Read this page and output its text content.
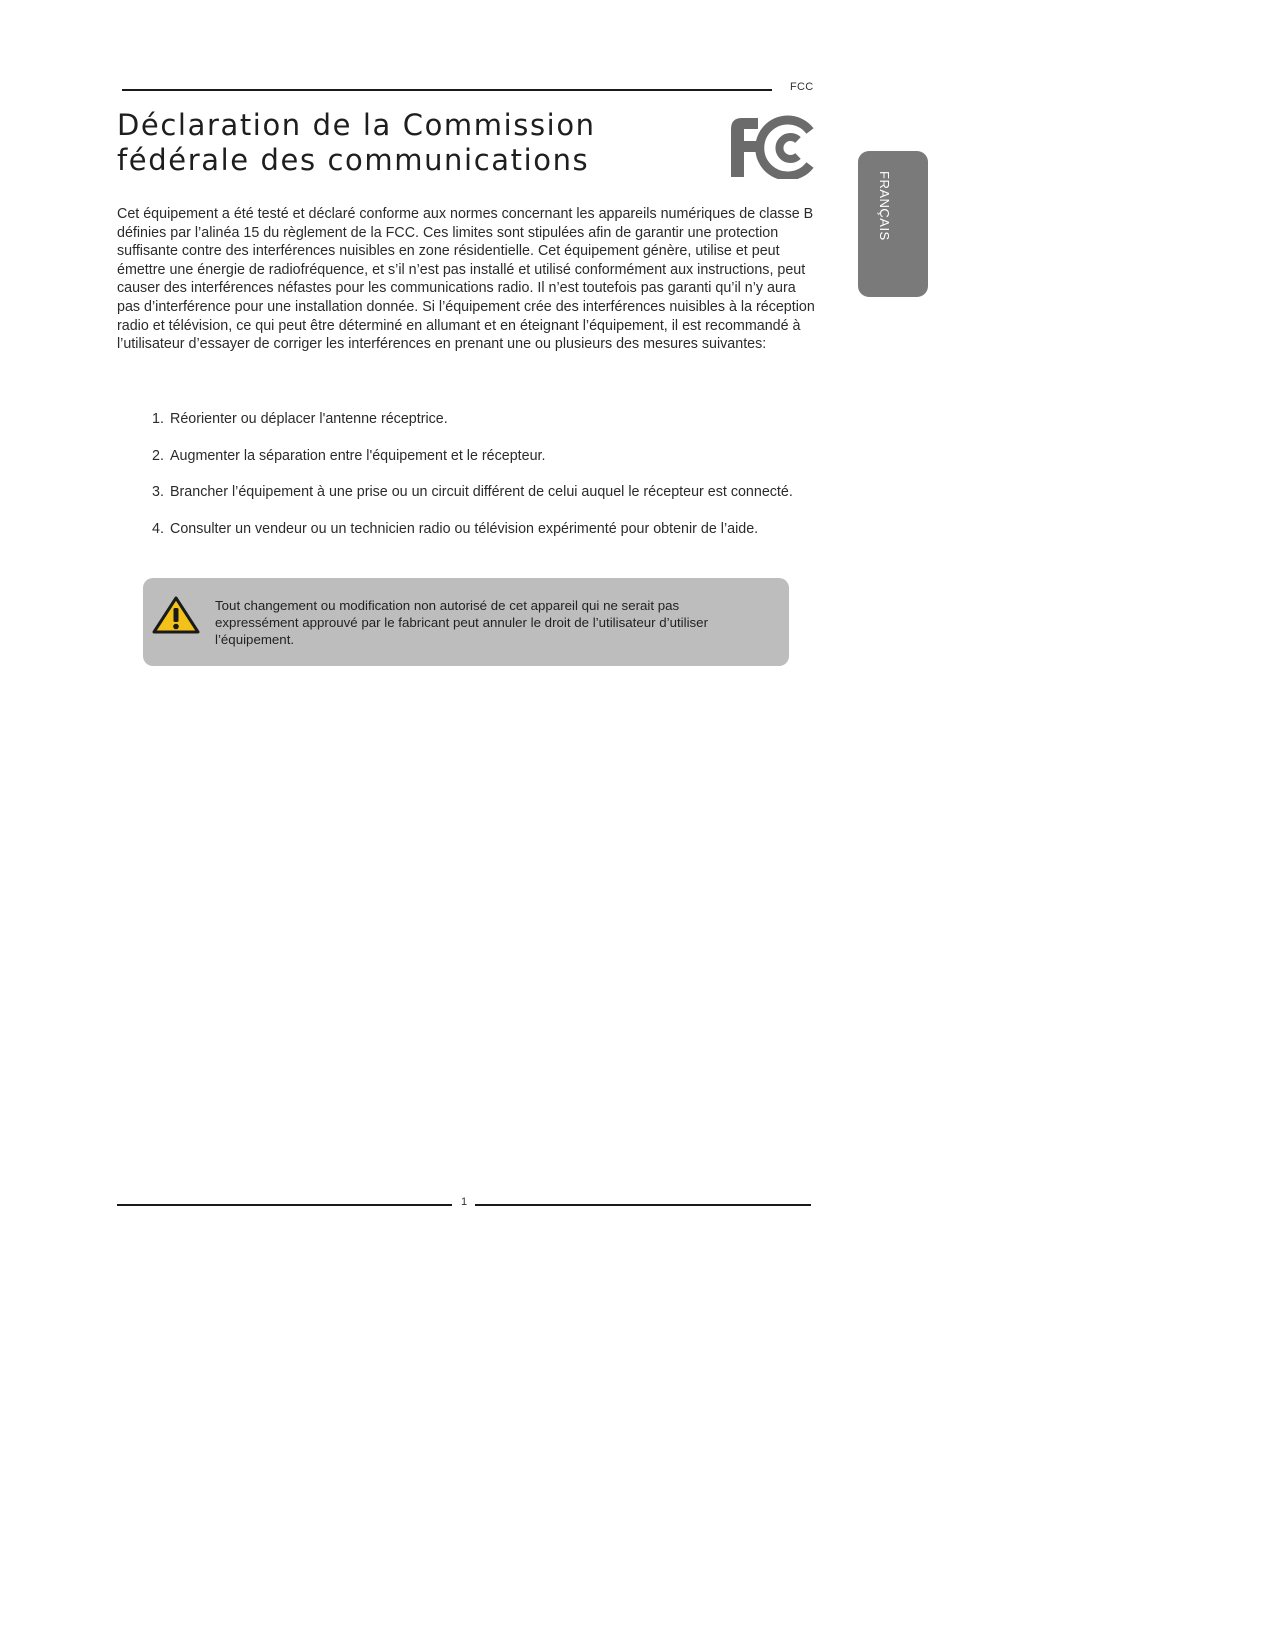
FCC
Déclaration de la Commission
fédérale des communications
FRANÇAIS

Cet équipement a été testé et déclaré conforme aux normes concernant les appareils numériques de classe B définies par l’alinéa 15 du règlement de la FCC. Ces limites sont stipulées afin de garantir une protection suffisante contre des interférences nuisibles en zone résidentielle. Cet équipement génère, utilise et peut émettre une énergie de radiofréquence, et s’il n’est pas installé et utilisé conformément aux instructions, peut causer des interférences néfastes pour les communications radio. Il n’est toutefois pas garanti qu’il n’y aura pas d’interférence pour une installation donnée. Si l’équipement crée des interférences nuisibles à la réception radio et télévision, ce qui peut être déterminé en allumant et en éteignant l’équipement, il est recommandé à l’utilisateur d’essayer de corriger les interférences en prenant une ou plusieurs des mesures suivantes:

1. Réorienter ou déplacer l'antenne réceptrice.
2. Augmenter la séparation entre l'équipement et le récepteur.
3. Brancher l’équipement à une prise ou un circuit différent de celui auquel le récepteur est connecté.
4. Consulter un vendeur ou un technicien radio ou télévision expérimenté pour obtenir de l’aide.

Tout changement ou modification non autorisé de cet appareil qui ne serait pas expressément approuvé par le fabricant peut annuler le droit de l’utilisateur d’utiliser l’équipement.

1
